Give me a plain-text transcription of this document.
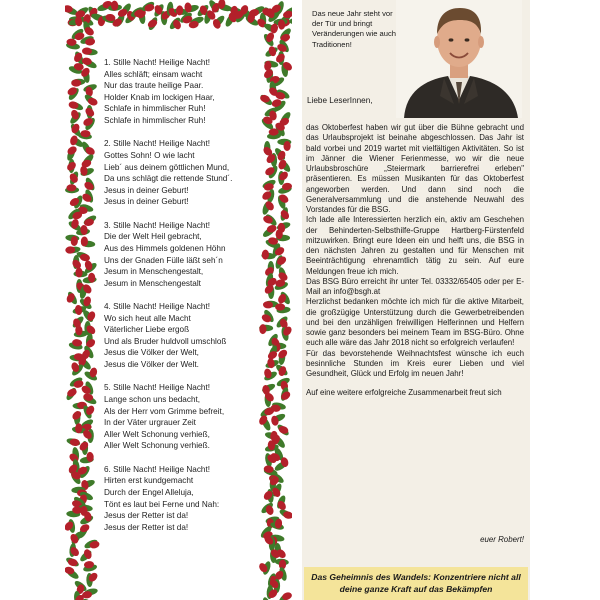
1. Stille Nacht! Heilige Nacht!
Alles schläft; einsam wacht
Nur das traute heilige Paar.
Holder Knab im lockigen Haar,
Schlafe in himmlischer Ruh!
Schlafe in himmlischer Ruh!
2. Stille Nacht! Heilige Nacht!
Gottes Sohn! O wie lacht
Lieb´ aus deinem göttlichen Mund,
Da uns schlägt die rettende Stund´.
Jesus in deiner Geburt!
Jesus in deiner Geburt!
3. Stille Nacht! Heilige Nacht!
Die der Welt Heil gebracht,
Aus des Himmels goldenen Höhn
Uns der Gnaden Fülle läßt seh´n
Jesum in Menschengestalt,
Jesum in Menschengestalt
4. Stille Nacht! Heilige Nacht!
Wo sich heut alle Macht
Väterlicher Liebe ergoß
Und als Bruder huldvoll umschloß
Jesus die Völker der Welt,
Jesus die Völker der Welt.
5. Stille Nacht! Heilige Nacht!
Lange schon uns bedacht,
Als der Herr vom Grimme befreit,
In der Väter urgrauer Zeit
Aller Welt Schonung verhieß,
Aller Welt Schonung verhieß.
6. Stille Nacht! Heilige Nacht!
Hirten erst kundgemacht
Durch der Engel Alleluja,
Tönt es laut bei Ferne und Nah:
Jesus der Retter ist da!
Jesus der Retter ist da!
Das neue Jahr steht vor der Tür und bringt Veränderungen wie auch Traditionen!
Liebe LeserInnen,

das Oktoberfest haben wir gut über die Bühne gebracht und das Urlaubsprojekt ist beinahe abgeschlossen. Das Jahr ist bald vorbei und 2019 wartet mit vielfältigen Aktivitäten. So ist im Jänner die Wiener Ferienmesse, wo wir die neue Urlaubsbroschüre „Steiermark barrierefrei erleben" präsentieren. Es müssen Musikanten für das Oktoberfest angeworben werden. Und dann sind noch die Generalversammlung und die anstehende Neuwahl des Vorstandes für die BSG.

Ich lade alle Interessierten herzlich ein, aktiv am Geschehen der Behinderten-Selbsthilfe-Gruppe Hartberg-Fürstenfeld mitzuwirken. Bringt eure Ideen ein und helft uns, die BSG in den nächsten Jahren zu gestalten und für Menschen mit Beeinträchtigung ehrenamtlich tätig zu sein. Auf eure Meldungen freue ich mich.

Das BSG Büro erreicht ihr unter Tel. 03332/65405 oder per E-Mail an info@bsgh.at

Herzlichst bedanken möchte ich mich für die aktive Mitarbeit, die großzügige Unterstützung durch die Gewerbetreibenden und bei den unzähligen freiwilligen Helferinnen und Helfern sowie ganz besonders bei meinem Team im BSG-Büro. Ohne euch alle wäre das Jahr 2018 nicht so erfolgreich verlaufen!

Für das bevorstehende Weihnachtsfest wünsche ich euch besinnliche Stunden im Kreis eurer Lieben und viel Gesundheit, Glück und Erfolg im neuen Jahr!

Auf eine weitere erfolgreiche Zusammenarbeit freut sich

euer Robert!
Das Geheimnis des Wandels: Konzentriere nicht all deine ganze Kraft auf das Bekämpfen
